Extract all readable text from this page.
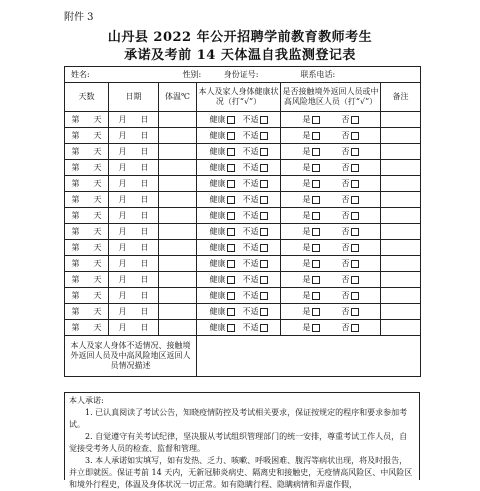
附件 3
山丹县 2022 年公开招聘学前教育教师考生
承诺及考前 14 天体温自我监测登记表
姓名:		性别: 身份证号:		联系电话:	
天数	日期	体温℃	本人及家人身体健康状况（打“√”）	是否接触境外返回人员或中高风险地区人员（打“√”）	备注
第 天	月 日		健康 不适	是 否	
第 天	月 日		健康 不适	是 否	
第 天	月 日		健康 不适	是 否	
第 天	月 日		健康 不适	是 否	
第 天	月 日		健康 不适	是 否	
第 天	月 日		健康 不适	是 否	
第 天	月 日		健康 不适	是 否	
第 天	月 日		健康 不适	是 否	
第 天	月 日		健康 不适	是 否	
第 天	月 日		健康 不适	是 否	
第 天	月 日		健康 不适	是 否	
第 天	月 日		健康 不适	是 否	
第 天	月 日		健康 不适	是 否	
第 天	月 日		健康 不适	是 否	
本人及家人身体不适情况、接触境外返回人员及中高风险地区返回人员情况描述					

本人承诺:

1. 已认真阅读了考试公告，知晓疫情防控及考试相关要求，保证按规定的程序和要求参加考试。

2. 自觉遵守有关考试纪律，坚决服从考试组织管理部门的统一安排，尊重考试工作人员，自觉接受考务人员的检查、监督和管理。

3. 本人承诺如实填写，如有发热、乏力、咳嗽、呼吸困难、腹泻等病状出现，将及时报告，并立即就医。保证考前 14 天内，无新冠肺炎病史、隔离史和接触史，无疫情高风险区、中风险区和境外行程史，体温及身体状况一切正常。如有隐瞒行程、隐瞒病情和弄虚作假，
